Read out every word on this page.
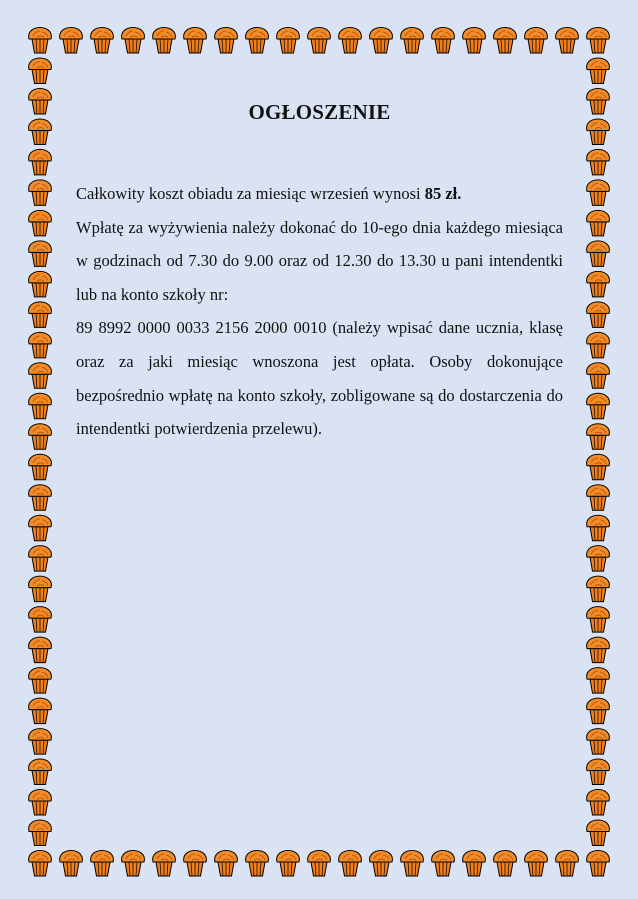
OGŁOSZENIE

Całkowity koszt obiadu za miesiąc wrzesień wynosi 85 zł.

Wpłatę za wyżywienia należy dokonać do 10-ego dnia każdego miesiąca w godzinach od 7.30 do 9.00 oraz od 12.30 do 13.30 u pani intendentki lub na konto szkoły nr:

89 8992 0000 0033 2156 2000 0010 (należy wpisać dane ucznia, klasę oraz za jaki miesiąc wnoszona jest opłata. Osoby dokonujące bezpośrednio wpłatę na konto szkoły, zobligowane są do dostarczenia do intendentki potwierdzenia przelewu).
